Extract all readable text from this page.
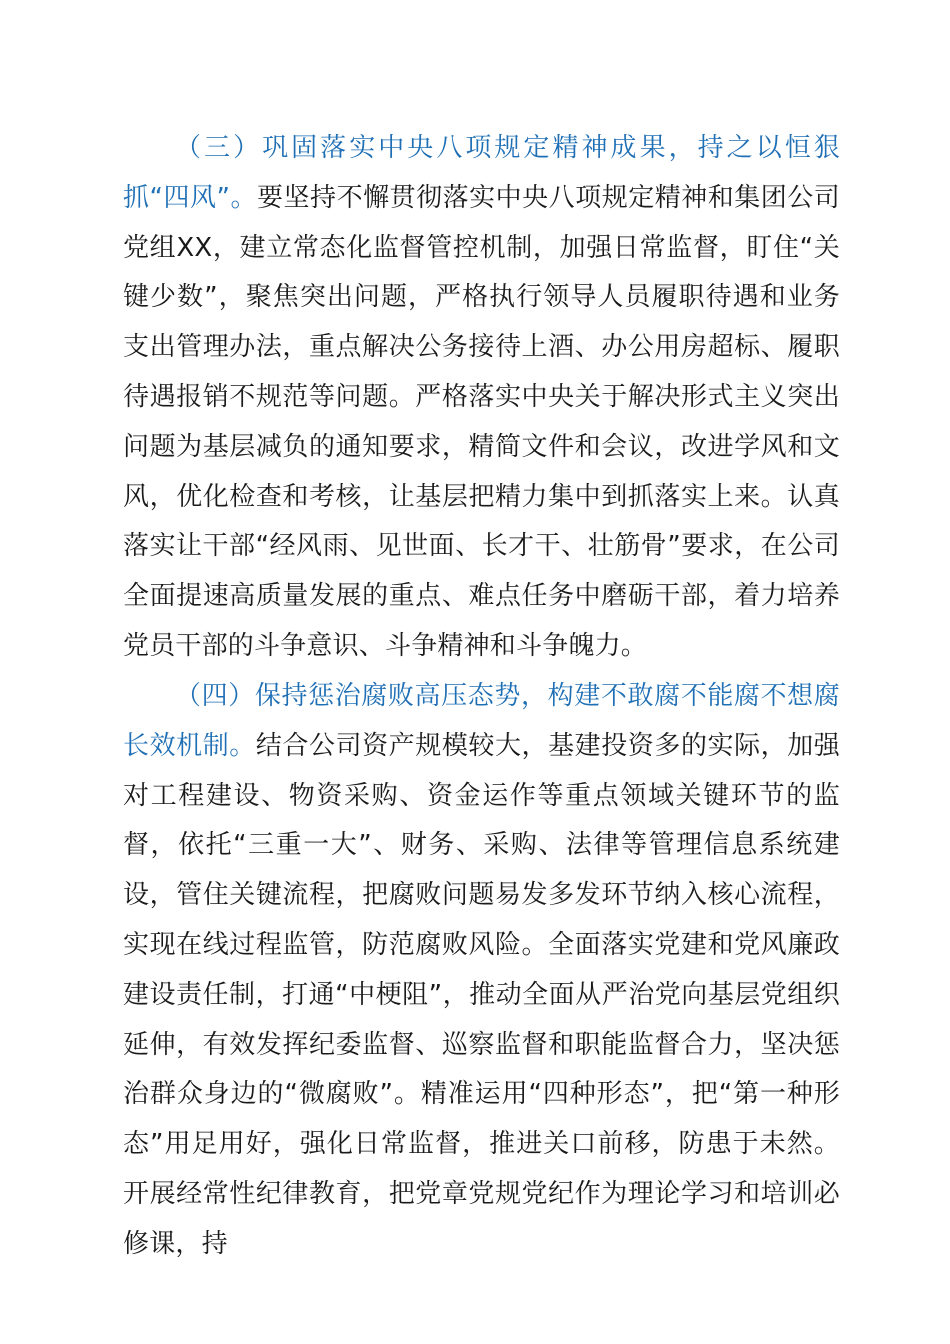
（三）巩固落实中央八项规定精神成果，持之以恒狠抓“四风”。要坚持不懈贯彻落实中央八项规定精神和集团公司党组XX，建立常态化监督管控机制，加强日常监督，盯住“关键少数”，聚焦突出问题，严格执行领导人员履职待遇和业务支出管理办法，重点解决公务接待上酒、办公用房超标、履职待遇报销不规范等问题。严格落实中央关于解决形式主义突出问题为基层减负的通知要求，精简文件和会议，改进学风和文风，优化检查和考核，让基层把精力集中到抓落实上来。认真落实让干部“经风雨、见世面、长才干、壮筋骨”要求，在公司全面提速高质量发展的重点、难点任务中磨砺干部，着力培养党员干部的斗争意识、斗争精神和斗争魄力。

（四）保持惩治腐败高压态势，构建不敢腐不能腐不想腐长效机制。结合公司资产规模较大，基建投资多的实际，加强对工程建设、物资采购、资金运作等重点领域关键环节的监督，依托“三重一大”、财务、采购、法律等管理信息系统建设，管住关键流程，把腐败问题易发多发环节纳入核心流程，实现在线过程监管，防范腐败风险。全面落实党建和党风廉政建设责任制，打通“中梗阻”，推动全面从严治党向基层党组织延伸，有效发挥纪委监督、巡察监督和职能监督合力，坚决惩治群众身边的“微腐败”。精准运用“四种形态”，把“第一种形态”用足用好，强化日常监督，推进关口前移，防患于未然。开展经常性纪律教育，把党章党规党纪作为理论学习和培训必修课，持
